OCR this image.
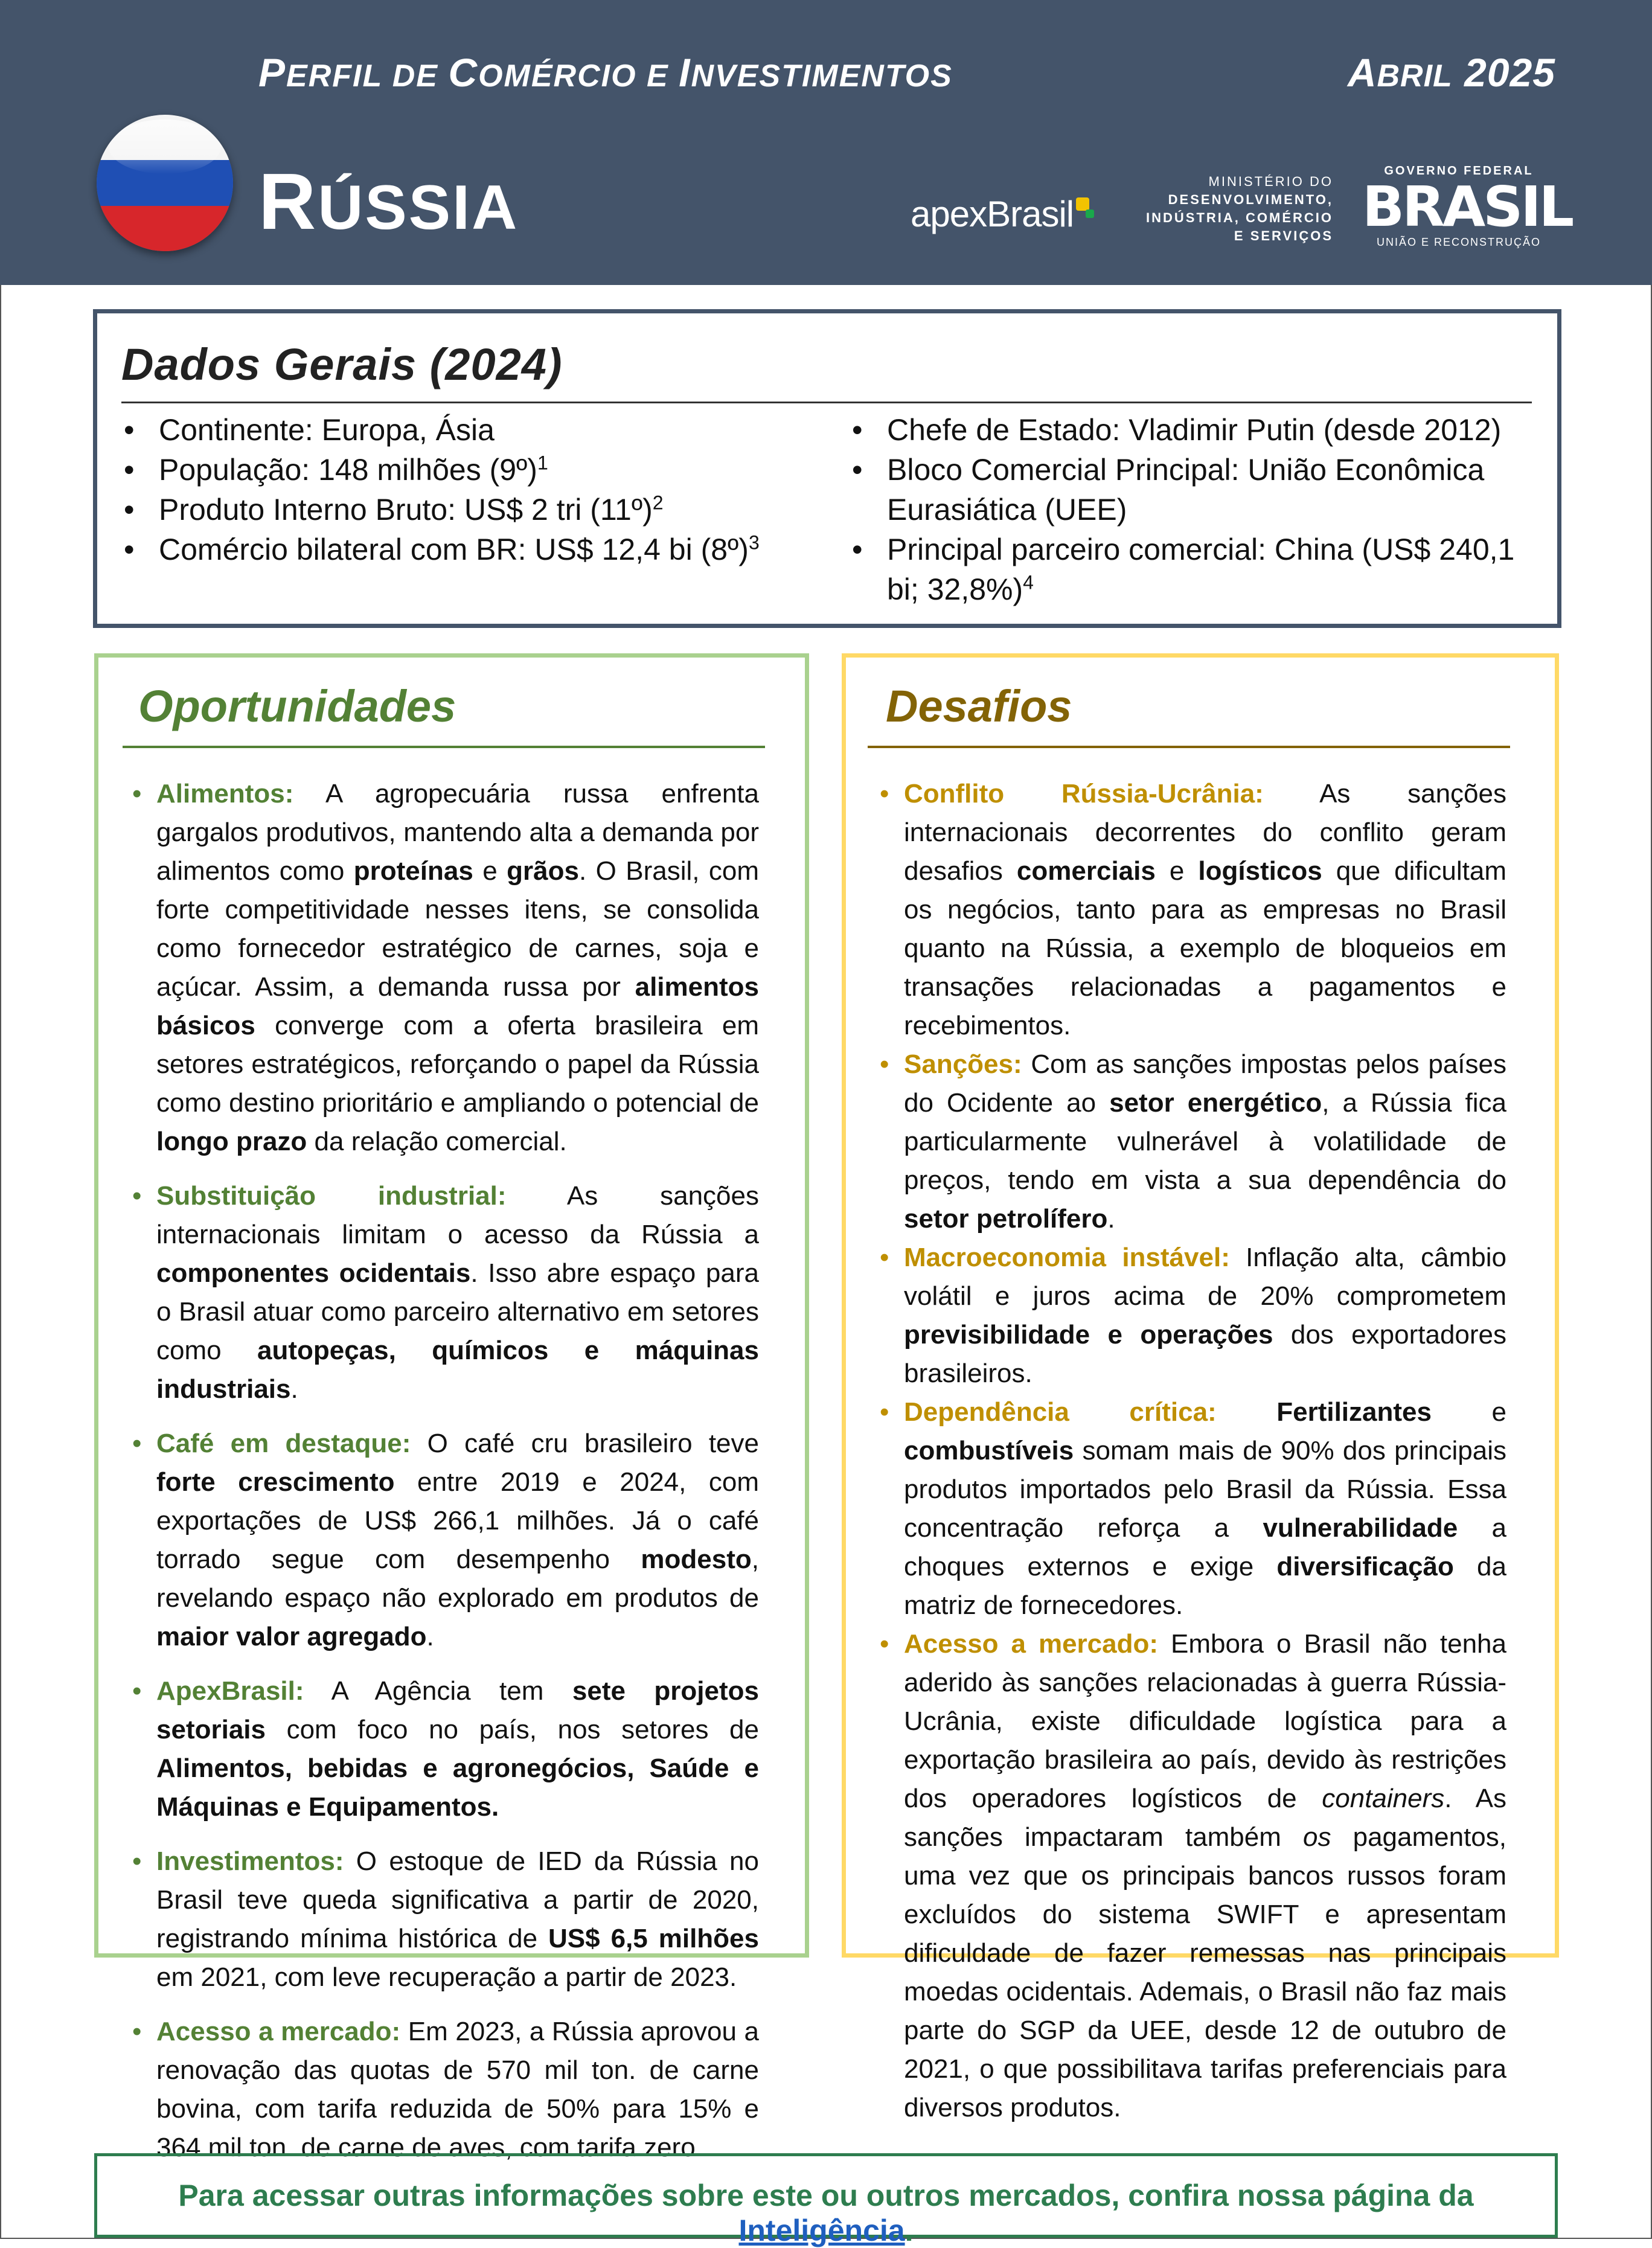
PERFIL DE COMÉRCIO E INVESTIMENTOS	ABRIL 2025
RÚSSIA	apexBrasil
MINISTÉRIO DO
DESENVOLVIMENTO,
INDÚSTRIA, COMÉRCIO
E SERVIÇOS
GOVERNO FEDERAL
BRASIL
UNIÃO E RECONSTRUÇÃO
Dados Gerais (2024)
• Continente: Europa, Ásia
• População: 148 milhões (9º)$^1$
• Produto Interno Bruto: US$ 2 tri (11º)$^2$
• Comércio bilateral com BR: US$ 12,4 bi (8º)$^3$
• Chefe de Estado: Vladimir Putin (desde 2012)
• Bloco Comercial Principal: União Econômica Eurasiática (UEE)
• Principal parceiro comercial: China (US$ 240,1 bi; 32,8%)$^4$
Oportunidades
• Alimentos: A agropecuária russa enfrenta gargalos produtivos, mantendo alta a demanda por alimentos como proteínas e grãos. O Brasil, com forte competitividade nesses itens, se consolida como fornecedor estratégico de carnes, soja e açúcar. Assim, a demanda russa por alimentos básicos converge com a oferta brasileira em setores estratégicos, reforçando o papel da Rússia como destino prioritário e ampliando o potencial de longo prazo da relação comercial.
• Substituição industrial: As sanções internacionais limitam o acesso da Rússia a componentes ocidentais. Isso abre espaço para o Brasil atuar como parceiro alternativo em setores como autopeças, químicos e máquinas industriais.
• Café em destaque: O café cru brasileiro teve forte crescimento entre 2019 e 2024, com exportações de US$ 266,1 milhões. Já o café torrado segue com desempenho modesto, revelando espaço não explorado em produtos de maior valor agregado.
• ApexBrasil: A Agência tem sete projetos setoriais com foco no país, nos setores de Alimentos, bebidas e agronegócios, Saúde e Máquinas e Equipamentos.
• Investimentos: O estoque de IED da Rússia no Brasil teve queda significativa a partir de 2020, registrando mínima histórica de US$ 6,5 milhões em 2021, com leve recuperação a partir de 2023.
• Acesso a mercado: Em 2023, a Rússia aprovou a renovação das quotas de 570 mil ton. de carne bovina, com tarifa reduzida de 50% para 15% e 364 mil ton. de carne de aves, com tarifa zero.
Desafios
• Conflito Rússia-Ucrânia: As sanções internacionais decorrentes do conflito geram desafios comerciais e logísticos que dificultam os negócios, tanto para as empresas no Brasil quanto na Rússia, a exemplo de bloqueios em transações relacionadas a pagamentos e recebimentos.
• Sanções: Com as sanções impostas pelos países do Ocidente ao setor energético, a Rússia fica particularmente vulnerável à volatilidade de preços, tendo em vista a sua dependência do setor petrolífero.
• Macroeconomia instável: Inflação alta, câmbio volátil e juros acima de 20% comprometem previsibilidade e operações dos exportadores brasileiros.
• Dependência crítica: Fertilizantes e combustíveis somam mais de 90% dos principais produtos importados pelo Brasil da Rússia. Essa concentração reforça a vulnerabilidade a choques externos e exige diversificação da matriz de fornecedores.
• Acesso a mercado: Embora o Brasil não tenha aderido às sanções relacionadas à guerra Rússia-Ucrânia, existe dificuldade logística para a exportação brasileira ao país, devido às restrições dos operadores logísticos de containers. As sanções impactaram também os pagamentos, uma vez que os principais bancos russos foram excluídos do sistema SWIFT e apresentam dificuldade de fazer remessas nas principais moedas ocidentais. Ademais, o Brasil não faz mais parte do SGP da UEE, desde 12 de outubro de 2021, o que possibilitava tarifas preferenciais para diversos produtos.
Para acessar outras informações sobre este ou outros mercados, confira nossa página da Inteligência.
